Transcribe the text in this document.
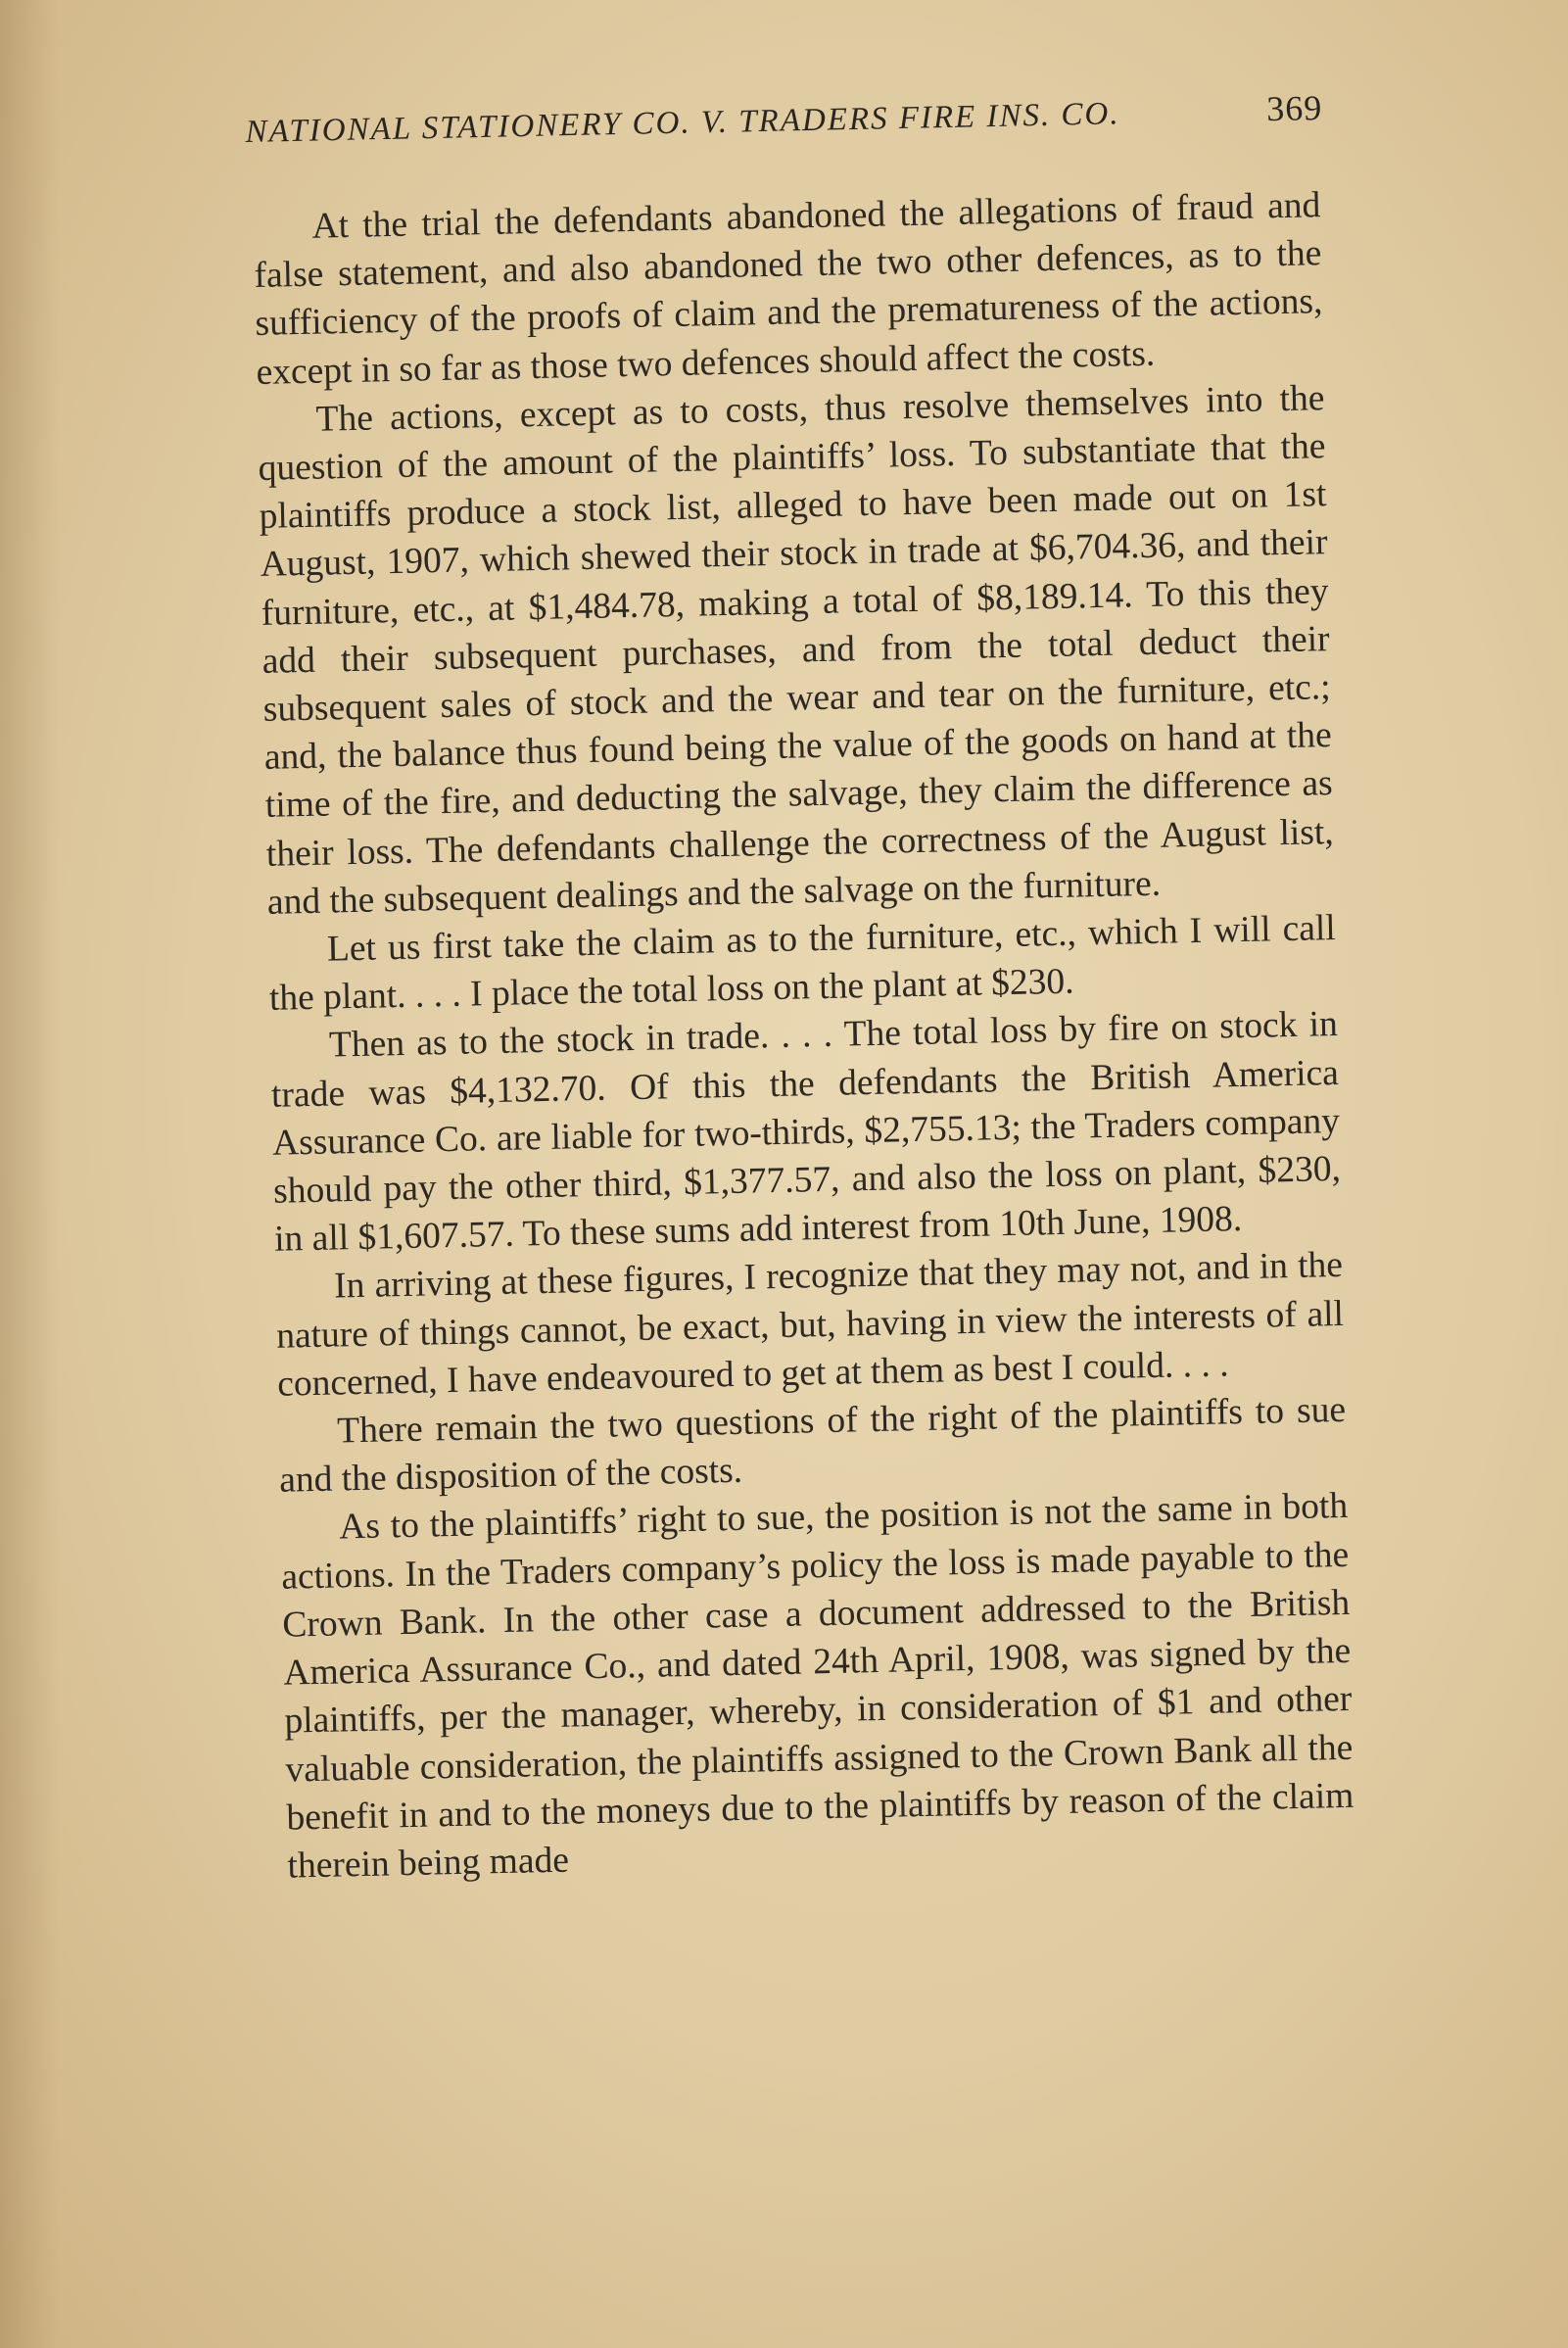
NATIONAL STATIONERY CO. V. TRADERS FIRE INS. CO.	369

At the trial the defendants abandoned the allegations of fraud and false statement, and also abandoned the two other defences, as to the sufficiency of the proofs of claim and the prematureness of the actions, except in so far as those two defences should affect the costs.

The actions, except as to costs, thus resolve themselves into the question of the amount of the plaintiffs’ loss. To substantiate that the plaintiffs produce a stock list, alleged to have been made out on 1st August, 1907, which shewed their stock in trade at $6,704.36, and their furniture, etc., at $1,484.78, making a total of $8,189.14. To this they add their subsequent purchases, and from the total deduct their subsequent sales of stock and the wear and tear on the furniture, etc.; and, the balance thus found being the value of the goods on hand at the time of the fire, and deducting the salvage, they claim the difference as their loss. The defendants challenge the correctness of the August list, and the subsequent dealings and the salvage on the furniture.

Let us first take the claim as to the furniture, etc., which I will call the plant. . . . I place the total loss on the plant at $230.

Then as to the stock in trade. . . . The total loss by fire on stock in trade was $4,132.70. Of this the defendants the British America Assurance Co. are liable for two-thirds, $2,755.13; the Traders company should pay the other third, $1,377.57, and also the loss on plant, $230, in all $1,607.57. To these sums add interest from 10th June, 1908.

In arriving at these figures, I recognize that they may not, and in the nature of things cannot, be exact, but, having in view the interests of all concerned, I have endeavoured to get at them as best I could. . . .

There remain the two questions of the right of the plaintiffs to sue and the disposition of the costs.

As to the plaintiffs’ right to sue, the position is not the same in both actions. In the Traders company’s policy the loss is made payable to the Crown Bank. In the other case a document addressed to the British America Assurance Co., and dated 24th April, 1908, was signed by the plaintiffs, per the manager, whereby, in consideration of $1 and other valuable consideration, the plaintiffs assigned to the Crown Bank all the benefit in and to the moneys due to the plaintiffs by reason of the claim therein being made
